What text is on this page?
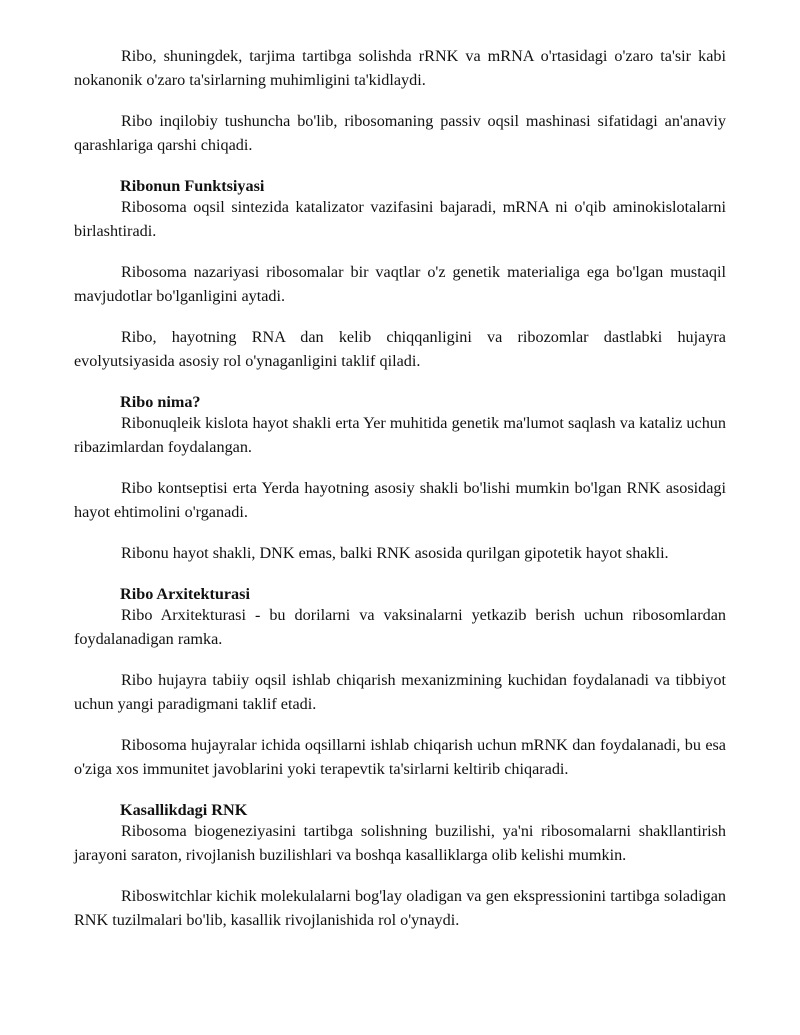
Ribo, shuningdek, tarjima tartibga solishda rRNK va mRNA o'rtasidagi o'zaro ta'sir kabi nokanonik o'zaro ta'sirlarning muhimligini ta'kidlaydi.

Ribo inqilobiy tushuncha bo'lib, ribosomaning passiv oqsil mashinasi sifatidagi an'anaviy qarashlariga qarshi chiqadi.

Ribonun Funktsiyasi

Ribosoma oqsil sintezida katalizator vazifasini bajaradi, mRNA ni o'qib aminokislotalarni birlashtiradi.

Ribosoma nazariyasi ribosomalar bir vaqtlar o'z genetik materialiga ega bo'lgan mustaqil mavjudotlar bo'lganligini aytadi.

Ribo, hayotning RNA dan kelib chiqqanligini va ribozomlar dastlabki hujayra evolyutsiyasida asosiy rol o'ynaganligini taklif qiladi.

Ribo nima?

Ribonuqleik kislota hayot shakli erta Yer muhitida genetik ma'lumot saqlash va kataliz uchun ribazimlardan foydalangan.

Ribo kontseptisi erta Yerda hayotning asosiy shakli bo'lishi mumkin bo'lgan RNK asosidagi hayot ehtimolini o'rganadi.

Ribonu hayot shakli, DNK emas, balki RNK asosida qurilgan gipotetik hayot shakli.

Ribo Arxitekturasi

Ribo Arxitekturasi - bu dorilarni va vaksinalarni yetkazib berish uchun ribosomlardan foydalanadigan ramka.

Ribo hujayra tabiiy oqsil ishlab chiqarish mexanizmining kuchidan foydalanadi va tibbiyot uchun yangi paradigmani taklif etadi.

Ribosoma hujayralar ichida oqsillarni ishlab chiqarish uchun mRNK dan foydalanadi, bu esa o'ziga xos immunitet javoblarini yoki terapevtik ta'sirlarni keltirib chiqaradi.

Kasallikdagi RNK

Ribosoma biogeneziyasini tartibga solishning buzilishi, ya'ni ribosomalarni shakllantirish jarayoni saraton, rivojlanish buzilishlari va boshqa kasalliklarga olib kelishi mumkin.

Riboswitchlar kichik molekulalarni bog'lay oladigan va gen ekspressionini tartibga soladigan RNK tuzilmalari bo'lib, kasallik rivojlanishida rol o'ynaydi.
